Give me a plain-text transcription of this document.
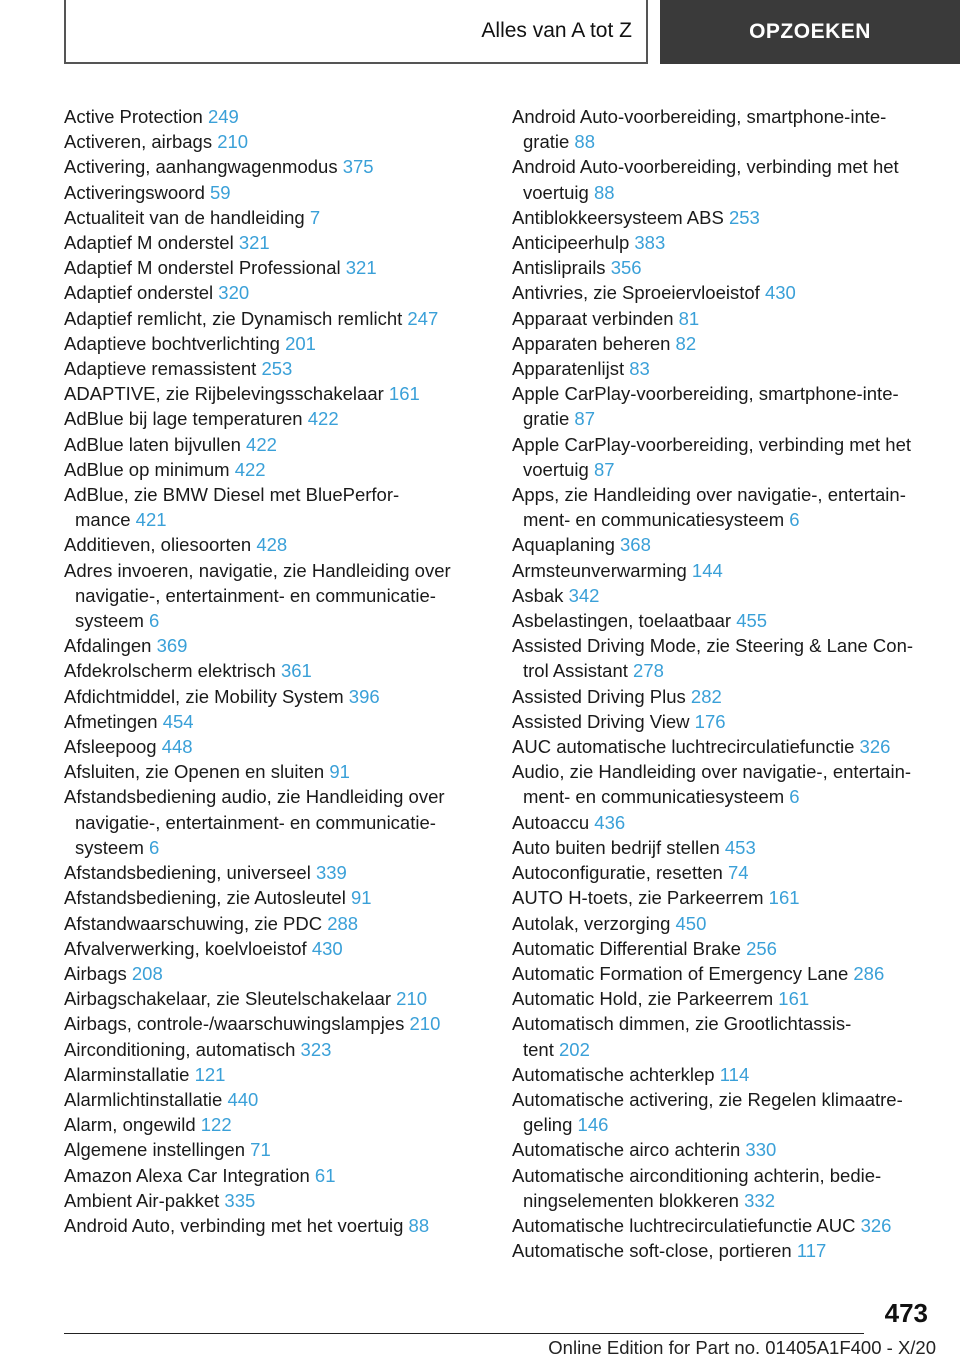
Alles van A tot Z	OPZOEKEN
Active Protection 249
Activeren, airbags 210
Activering, aanhangwagenmodus 375
Activeringswoord 59
Actualiteit van de handleiding 7
Adaptief M onderstel 321
Adaptief M onderstel Professional 321
Adaptief onderstel 320
Adaptief remlicht, zie Dynamisch remlicht 247
Adaptieve bochtverlichting 201
Adaptieve remassistent 253
ADAPTIVE, zie Rijbelevingsschakelaar 161
AdBlue bij lage temperaturen 422
AdBlue laten bijvullen 422
AdBlue op minimum 422
AdBlue, zie BMW Diesel met BluePerfor-
mance 421
Additieven, oliesoorten 428
Adres invoeren, navigatie, zie Handleiding over
navigatie-, entertainment- en communicatie-
systeem 6
Afdalingen 369
Afdekrolscherm elektrisch 361
Afdichtmiddel, zie Mobility System 396
Afmetingen 454
Afsleepoog 448
Afsluiten, zie Openen en sluiten 91
Afstandsbediening audio, zie Handleiding over
navigatie-, entertainment- en communicatie-
systeem 6
Afstandsbediening, universeel 339
Afstandsbediening, zie Autosleutel 91
Afstandwaarschuwing, zie PDC 288
Afvalverwerking, koelvloeistof 430
Airbags 208
Airbagschakelaar, zie Sleutelschakelaar 210
Airbags, controle-/waarschuwingslampjes 210
Airconditioning, automatisch 323
Alarminstallatie 121
Alarmlichtinstallatie 440
Alarm, ongewild 122
Algemene instellingen 71
Amazon Alexa Car Integration 61
Ambient Air-pakket 335
Android Auto, verbinding met het voertuig 88
Android Auto-voorbereiding, smartphone-inte-
gratie 88
Android Auto-voorbereiding, verbinding met het
voertuig 88
Antiblokkeersysteem ABS 253
Anticipeerhulp 383
Antisliprails 356
Antivries, zie Sproeiervloeistof 430
Apparaat verbinden 81
Apparaten beheren 82
Apparatenlijst 83
Apple CarPlay-voorbereiding, smartphone-inte-
gratie 87
Apple CarPlay-voorbereiding, verbinding met het
voertuig 87
Apps, zie Handleiding over navigatie-, entertain-
ment- en communicatiesysteem 6
Aquaplaning 368
Armsteunverwarming 144
Asbak 342
Asbelastingen, toelaatbaar 455
Assisted Driving Mode, zie Steering & Lane Con-
trol Assistant 278
Assisted Driving Plus 282
Assisted Driving View 176
AUC automatische luchtrecirculatiefunctie 326
Audio, zie Handleiding over navigatie-, entertain-
ment- en communicatiesysteem 6
Autoaccu 436
Auto buiten bedrijf stellen 453
Autoconfiguratie, resetten 74
AUTO H-toets, zie Parkeerrem 161
Autolak, verzorging 450
Automatic Differential Brake 256
Automatic Formation of Emergency Lane 286
Automatic Hold, zie Parkeerrem 161
Automatisch dimmen, zie Grootlichtassis-
tent 202
Automatische achterklep 114
Automatische activering, zie Regelen klimaatre-
geling 146
Automatische airco achterin 330
Automatische airconditioning achterin, bedie-
ningselementen blokkeren 332
Automatische luchtrecirculatiefunctie AUC 326
Automatische soft-close, portieren 117
473
Online Edition for Part no. 01405A1F400 - X/20
